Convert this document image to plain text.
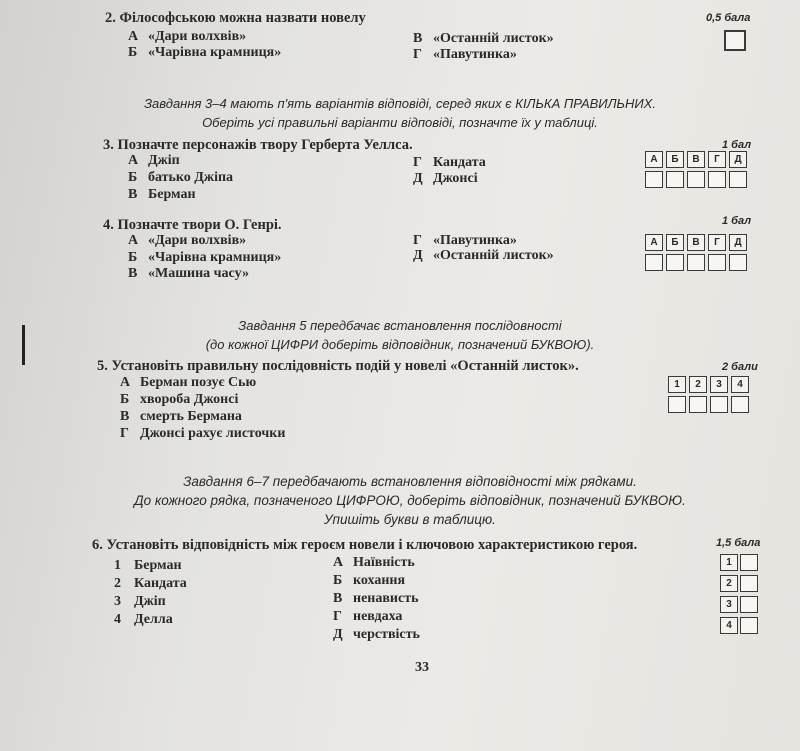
2. Філософською можна назвати новелу	0,5 бала
А «Дари волхвів»
Б «Чарівна крамниця»
В «Останній листок»
Г «Павутинка»
Завдання 3–4 мають п'ять варіантів відповіді, серед яких є КІЛЬКА ПРАВИЛЬНИХ.
Оберіть усі правильні варіанти відповіді, позначте їх у таблиці.
3. Позначте персонажів твору Герберта Уеллса.	1 бал
А Джіп
Б батько Джіпа
В Берман
Г Кандата
Д Джонсі
А	Б	В	Г	Д
4. Позначте твори О. Генрі.	1 бал
А «Дари волхвів»
Б «Чарівна крамниця»
В «Машина часу»
Г «Павутинка»
Д «Останній листок»
А	Б	В	Г	Д
Завдання 5 передбачає встановлення послідовності
(до кожної ЦИФРИ доберіть відповідник, позначений БУКВОЮ).
5. Установіть правильну послідовність подій у новелі «Останній листок».	2 бали
А Берман позує Сью
Б хвороба Джонсі
В смерть Бермана
Г Джонсі рахує листочки
1	2	3	4
Завдання 6–7 передбачають встановлення відповідності між рядками.
До кожного рядка, позначеного ЦИФРОЮ, доберіть відповідник, позначений БУКВОЮ.
Упишіть букви в таблицю.
6. Установіть відповідність між героєм новели і ключовою характеристикою героя.	1,5 бала
1 Берман
2 Кандата
3 Джіп
4 Делла
А Наївність
Б кохання
В ненависть
Г невдаха
Д черствість
1
2
3
4
33
